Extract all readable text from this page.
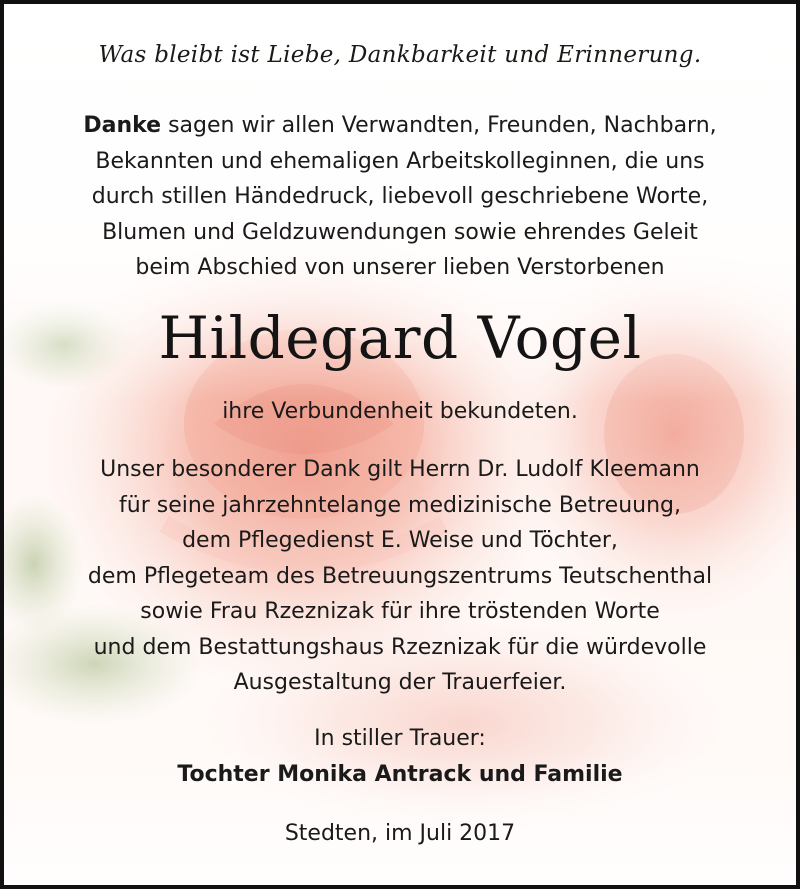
Was bleibt ist Liebe, Dankbarkeit und Erinnerung.
Danke sagen wir allen Verwandten, Freunden, Nachbarn,
Bekannten und ehemaligen Arbeitskolleginnen, die uns
durch stillen Händedruck, liebevoll geschriebene Worte,
Blumen und Geldzuwendungen sowie ehrendes Geleit
beim Abschied von unserer lieben Verstorbenen
Hildegard Vogel
ihre Verbundenheit bekundeten.
Unser besonderer Dank gilt Herrn Dr. Ludolf Kleemann
für seine jahrzehntelange medizinische Betreuung,
dem Pflegedienst E. Weise und Töchter,
dem Pflegeteam des Betreuungszentrums Teutschenthal
sowie Frau Rzeznizak für ihre tröstenden Worte
und dem Bestattungshaus Rzeznizak für die würdevolle
Ausgestaltung der Trauerfeier.
In stiller Trauer:
Tochter Monika Antrack und Familie
Stedten, im Juli 2017
